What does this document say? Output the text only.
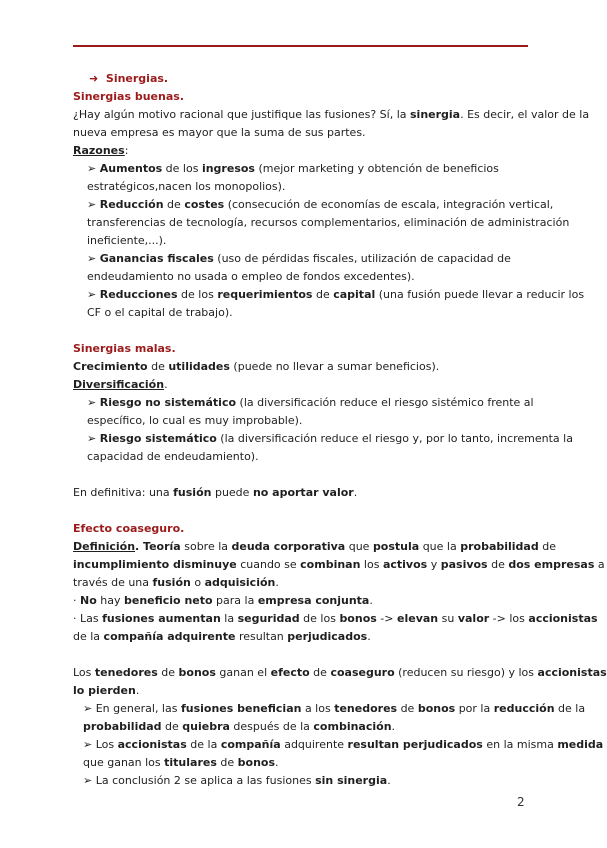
➜ Sinergias.

Sinergias buenas.

¿Hay algún motivo racional que justifique las fusiones? Sí, la sinergia. Es decir, el valor de la

nueva empresa es mayor que la suma de sus partes.

Razones:

➢ Aumentos de los ingresos (mejor marketing y obtención de beneficios

estratégicos,nacen los monopolios).

➢ Reducción de costes (consecución de economías de escala, integración vertical,

transferencias de tecnología, recursos complementarios, eliminación de administración

ineficiente,...).

➢ Ganancias fiscales (uso de pérdidas fiscales, utilización de capacidad de

endeudamiento no usada o empleo de fondos excedentes).

➢ Reducciones de los requerimientos de capital (una fusión puede llevar a reducir los

CF o el capital de trabajo).

Sinergias malas.

Crecimiento de utilidades (puede no llevar a sumar beneficios).

Diversificación.

➢ Riesgo no sistemático (la diversificación reduce el riesgo sistémico frente al

específico, lo cual es muy improbable).

➢ Riesgo sistemático (la diversificación reduce el riesgo y, por lo tanto, incrementa la

capacidad de endeudamiento).

En definitiva: una fusión puede no aportar valor.

Efecto coaseguro.

Definición. Teoría sobre la deuda corporativa que postula que la probabilidad de

incumplimiento disminuye cuando se combinan los activos y pasivos de dos empresas a

través de una fusión o adquisición.

· No hay beneficio neto para la empresa conjunta.

· Las fusiones aumentan la seguridad de los bonos -> elevan su valor -> los accionistas

de la compañía adquirente resultan perjudicados.

Los tenedores de bonos ganan el efecto de coaseguro (reducen su riesgo) y los accionistas

lo pierden.

➢ En general, las fusiones benefician a los tenedores de bonos por la reducción de la

probabilidad de quiebra después de la combinación.

➢ Los accionistas de la compañía adquirente resultan perjudicados en la misma medida

que ganan los titulares de bonos.

➢ La conclusión 2 se aplica a las fusiones sin sinergia.

2
